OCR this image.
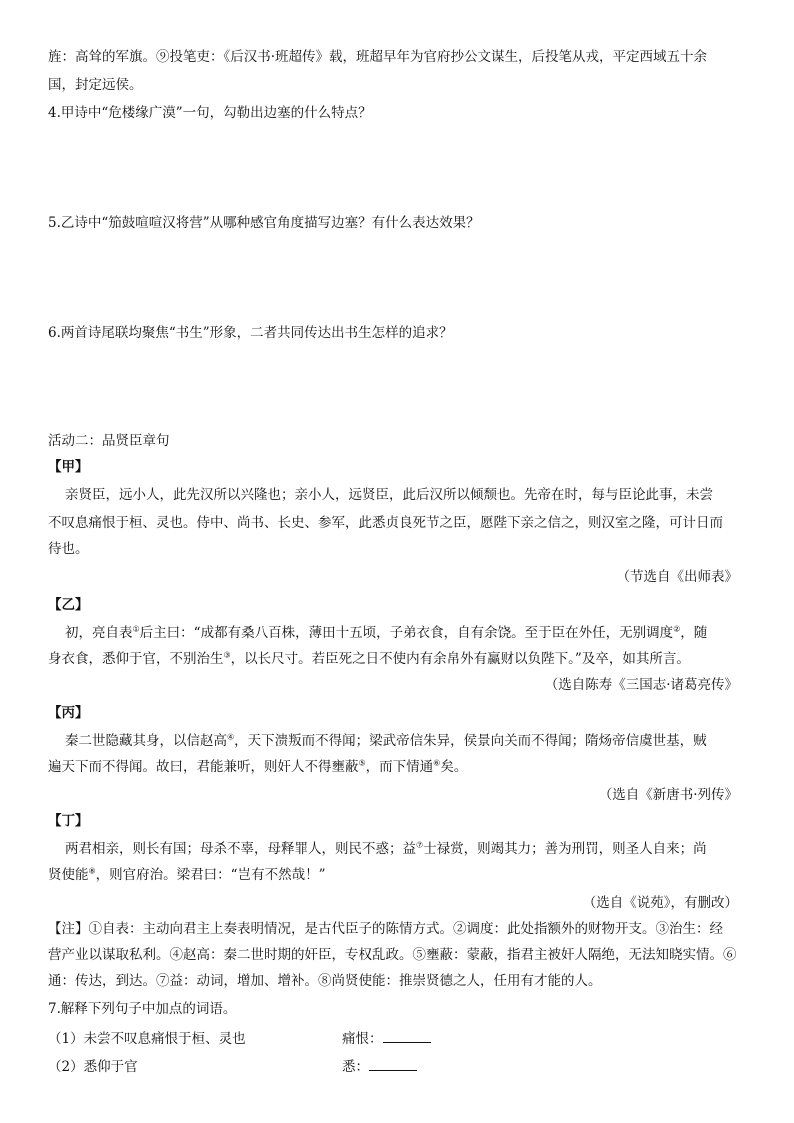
旌：高耸的军旗。⑨投笔吏：《后汉书·班超传》载，班超早年为官府抄公文谋生，后投笔从戎，平定西域五十余
国，封定远侯。
4.甲诗中“危楼缘广漠”一句，勾勒出边塞的什么特点？
5.乙诗中“笳鼓喧喧汉将营”从哪种感官角度描写边塞？有什么表达效果？
6.两首诗尾联均聚焦“书生”形象，二者共同传达出书生怎样的追求？
活动二：品贤臣章句
【甲】
亲贤臣，远小人，此先汉所以兴隆也；亲小人，远贤臣，此后汉所以倾颓也。先帝在时，每与臣论此事，未尝
不叹息痛恨于桓、灵也。侍中、尚书、长史、参军，此悉贞良死节之臣，愿陛下亲之信之，则汉室之隆，可计日而
待也。
（节选自《出师表》
【乙】
初，亮自表①后主曰：“成都有桑八百株，薄田十五顷，子弟衣食，自有余饶。至于臣在外任，无别调度②，随
身衣食，悉仰于官，不别治生③，以长尺寸。若臣死之日不使内有余帛外有赢财以负陛下。”及卒，如其所言。
（选自陈寿《三国志·诸葛亮传》
【丙】
秦二世隐藏其身，以信赵高④，天下溃叛而不得闻；梁武帝信朱异，侯景向关而不得闻；隋炀帝信虞世基，贼
遍天下而不得闻。故曰，君能兼听，则奸人不得壅蔽⑤，而下情通⑥矣。
（选自《新唐书·列传》
【丁】
两君相亲，则长有国；母杀不辜，母释罪人，则民不惑；益⑦士禄赏，则竭其力；善为刑罚，则圣人自来；尚
贤使能⑧，则官府治。梁君曰：“岂有不然哉！”
（选自《说苑》，有删改）
【注】①自表：主动向君主上奏表明情况，是古代臣子的陈情方式。②调度：此处指额外的财物开支。③治生：经
营产业以谋取私利。④赵高：秦二世时期的奸臣，专权乱政。⑤壅蔽：蒙蔽，指君主被奸人隔绝，无法知晓实情。⑥
通：传达，到达。⑦益：动词，增加、增补。⑧尚贤使能：推崇贤德之人，任用有才能的人。
7.解释下列句子中加点的词语。
（1）未尝不叹息痛恨于桓、灵也	痛恨：
（2）悉仰于官	悉：
